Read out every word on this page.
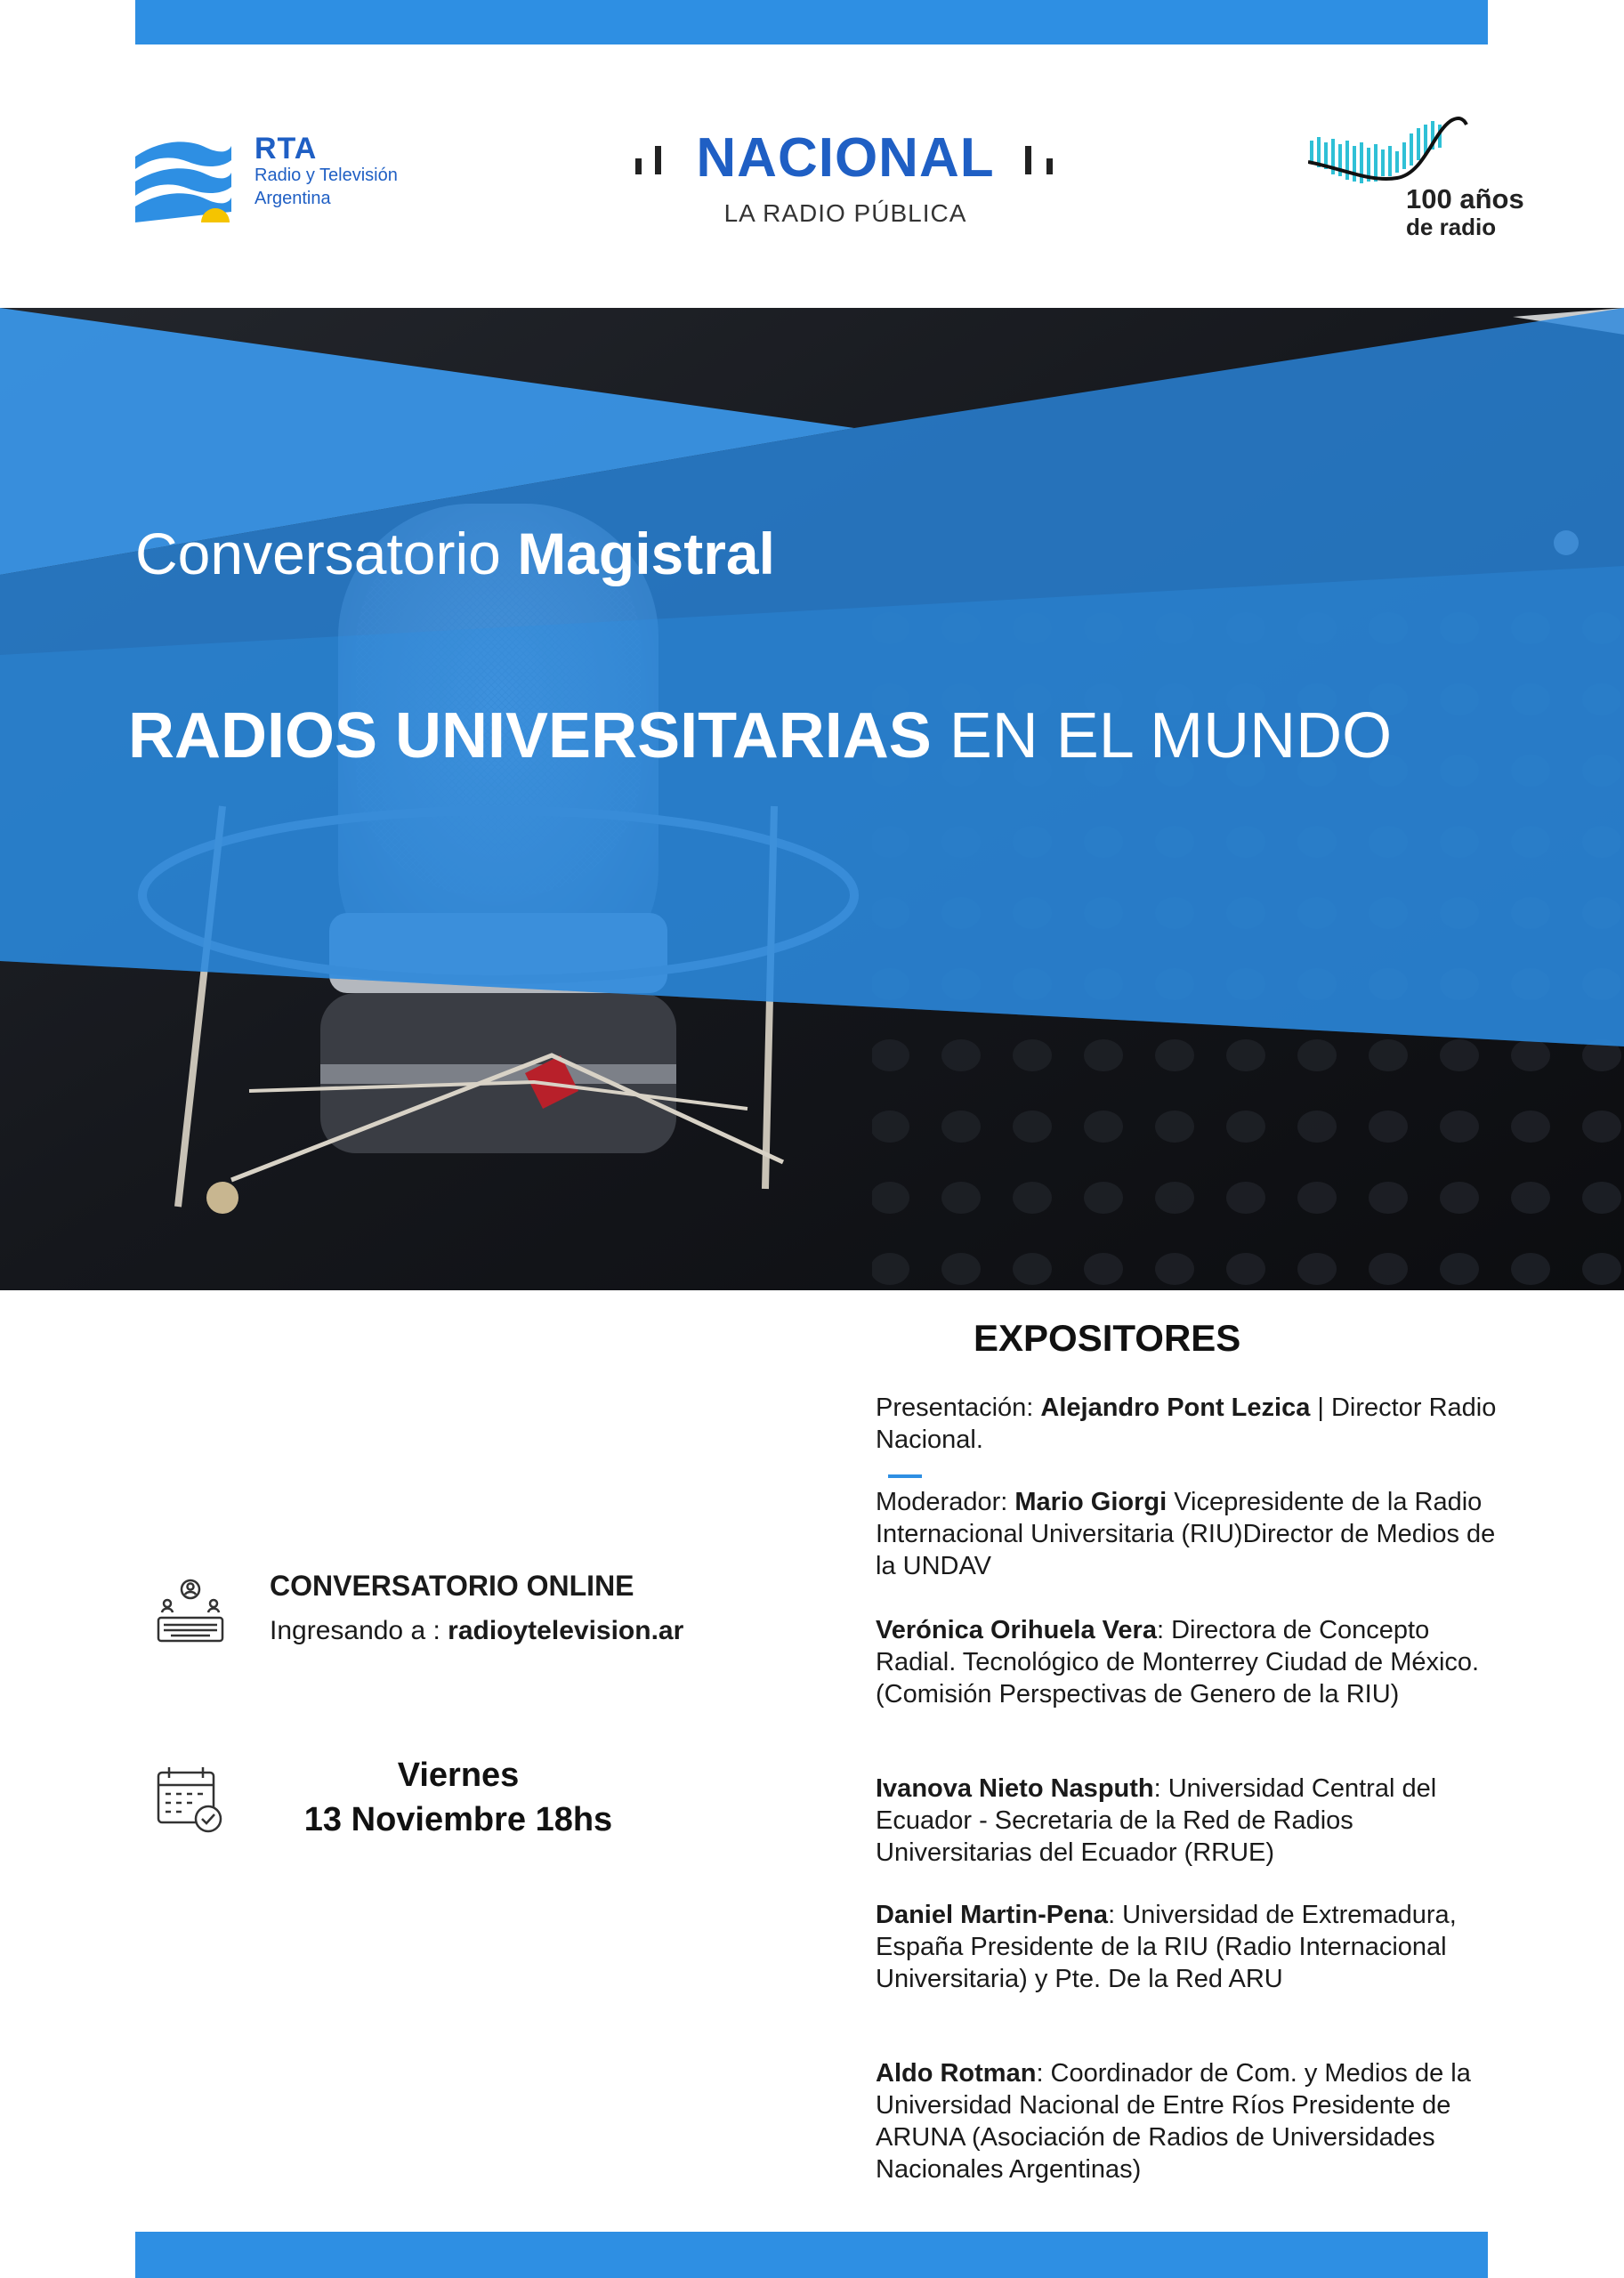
RTA
Radio y Televisión
Argentina
NACIONAL
LA RADIO PÚBLICA	100 años
de radio
Conversatorio Magistral
RADIOS UNIVERSITARIAS EN EL MUNDO
CONVERSATORIO ONLINE
Ingresando a : radioytelevision.ar
Viernes
13 Noviembre 18hs
EXPOSITORES
Presentación: Alejandro Pont Lezica | Director Radio Nacional.
Moderador: Mario Giorgi Vicepresidente de la Radio Internacional Universitaria (RIU)Director de Medios de la UNDAV
Verónica Orihuela Vera: Directora de Concepto Radial. Tecnológico de Monterrey Ciudad de México. (Comisión Perspectivas de Genero de la RIU)
Ivanova Nieto Nasputh: Universidad Central del Ecuador - Secretaria de la Red de Radios Universitarias del Ecuador (RRUE)
Daniel Martin-Pena: Universidad de Extremadura, España Presidente de la RIU (Radio Internacional Universitaria) y Pte. De la Red ARU
Aldo Rotman: Coordinador de Com. y Medios de la Universidad Nacional de Entre Ríos Presidente de ARUNA (Asociación de Radios de Universidades Nacionales Argentinas)
